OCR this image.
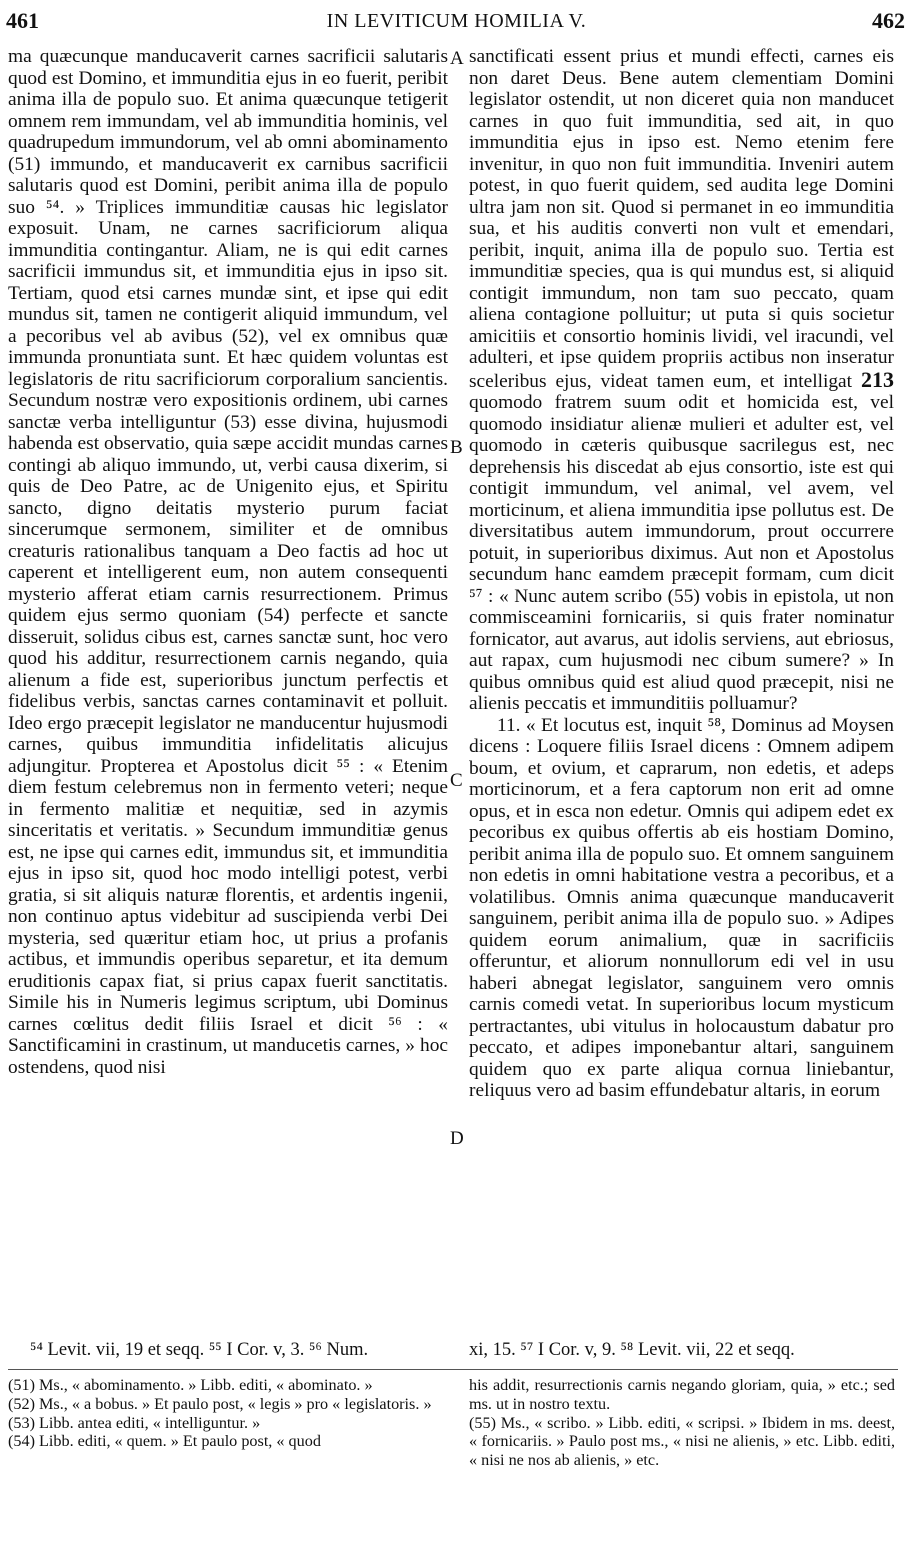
461	IN LEVITICUM HOMILIA V.	462
A
B
C
D

ma quæcunque manducaverit carnes sacrificii salutaris quod est Domino, et immunditia ejus in eo fuerit, peribit anima illa de populo suo. Et anima quæcunque tetigerit omnem rem immundam, vel ab immunditia hominis, vel quadrupedum immundorum, vel ab omni abominamento (51) immundo, et manducaverit ex carnibus sacrificii salutaris quod est Domini, peribit anima illa de populo suo ⁵⁴. » Triplices immunditiæ causas hic legislator exposuit. Unam, ne carnes sacrificiorum aliqua immunditia contingantur. Aliam, ne is qui edit carnes sacrificii immundus sit, et immunditia ejus in ipso sit. Tertiam, quod etsi carnes mundæ sint, et ipse qui edit mundus sit, tamen ne contigerit aliquid immundum, vel a pecoribus vel ab avibus (52), vel ex omnibus quæ immunda pronuntiata sunt. Et hæc quidem voluntas est legislatoris de ritu sacrificiorum corporalium sancientis. Secundum nostræ vero expositionis ordinem, ubi carnes sanctæ verba intelliguntur (53) esse divina, hujusmodi habenda est observatio, quia sæpe accidit mundas carnes contingi ab aliquo immundo, ut, verbi causa dixerim, si quis de Deo Patre, ac de Unigenito ejus, et Spiritu sancto, digno deitatis mysterio purum faciat sincerumque sermonem, similiter et de omnibus creaturis rationalibus tanquam a Deo factis ad hoc ut caperent et intelligerent eum, non autem consequenti mysterio afferat etiam carnis resurrectionem. Primus quidem ejus sermo quoniam (54) perfecte et sancte disseruit, solidus cibus est, carnes sanctæ sunt, hoc vero quod his additur, resurrectionem carnis negando, quia alienum a fide est, superioribus junctum perfectis et fidelibus verbis, sanctas carnes contaminavit et polluit. Ideo ergo præcepit legislator ne manducentur hujusmodi carnes, quibus immunditia infidelitatis alicujus adjungitur. Propterea et Apostolus dicit ⁵⁵ : « Etenim diem festum celebremus non in fermento veteri; neque in fermento malitiæ et nequitiæ, sed in azymis sinceritatis et veritatis. » Secundum immunditiæ genus est, ne ipse qui carnes edit, immundus sit, et immunditia ejus in ipso sit, quod hoc modo intelligi potest, verbi gratia, si sit aliquis naturæ florentis, et ardentis ingenii, non continuo aptus videbitur ad suscipienda verbi Dei mysteria, sed quæritur etiam hoc, ut prius a profanis actibus, et immundis operibus separetur, et ita demum eruditionis capax fiat, si prius capax fuerit sanctitatis. Simile his in Numeris legimus scriptum, ubi Dominus carnes cœlitus dedit filiis Israel et dicit ⁵⁶ : « Sanctificamini in crastinum, ut manducetis carnes, » hoc ostendens, quod nisi

sanctificati essent prius et mundi effecti, carnes eis non daret Deus. Bene autem clementiam Domini legislator ostendit, ut non diceret quia non manducet carnes in quo fuit immunditia, sed ait, in quo immunditia ejus in ipso est. Nemo etenim fere invenitur, in quo non fuit immunditia. Inveniri autem potest, in quo fuerit quidem, sed audita lege Domini ultra jam non sit. Quod si permanet in eo immunditia sua, et his auditis converti non vult et emendari, peribit, inquit, anima illa de populo suo. Tertia est immunditiæ species, qua is qui mundus est, si aliquid contigit immundum, non tam suo peccato, quam aliena contagione polluitur; ut puta si quis societur amicitiis et consortio hominis lividi, vel iracundi, vel adulteri, et ipse quidem propriis actibus non inseratur sceleribus ejus, videat tamen eum, et intelligat 213 quomodo fratrem suum odit et homicida est, vel quomodo insidiatur alienæ mulieri et adulter est, vel quomodo in cæteris quibusque sacrilegus est, nec deprehensis his discedat ab ejus consortio, iste est qui contigit immundum, vel animal, vel avem, vel morticinum, et aliena immunditia ipse pollutus est. De diversitatibus autem immundorum, prout occurrere potuit, in superioribus diximus. Aut non et Apostolus secundum hanc eamdem præcepit formam, cum dicit ⁵⁷ : « Nunc autem scribo (55) vobis in epistola, ut non commisceamini fornicariis, si quis frater nominatur fornicator, aut avarus, aut idolis serviens, aut ebriosus, aut rapax, cum hujusmodi nec cibum sumere? » In quibus omnibus quid est aliud quod præcepit, nisi ne alienis peccatis et immunditiis polluamur?

11. « Et locutus est, inquit ⁵⁸, Dominus ad Moysen dicens : Loquere filiis Israel dicens : Omnem adipem boum, et ovium, et caprarum, non edetis, et adeps morticinorum, et a fera captorum non erit ad omne opus, et in esca non edetur. Omnis qui adipem edet ex pecoribus ex quibus offertis ab eis hostiam Domino, peribit anima illa de populo suo. Et omnem sanguinem non edetis in omni habitatione vestra a pecoribus, et a volatilibus. Omnis anima quæcunque manducaverit sanguinem, peribit anima illa de populo suo. » Adipes quidem eorum animalium, quæ in sacrificiis offeruntur, et aliorum nonnullorum edi vel in usu haberi abnegat legislator, sanguinem vero omnis carnis comedi vetat. In superioribus locum mysticum pertractantes, ubi vitulus in holocaustum dabatur pro peccato, et adipes imponebantur altari, sanguinem quidem quo ex parte aliqua cornua liniebantur, reliquus vero ad basim effundebatur altaris, in eorum

⁵⁴ Levit. vii, 19 et seqq. ⁵⁵ I Cor. v, 3. ⁵⁶ Num.	xi, 15. ⁵⁷ I Cor. v, 9. ⁵⁸ Levit. vii, 22 et seqq.

(51) Ms., « abominamento. » Libb. editi, « abominato. »

(52) Ms., « a bobus. » Et paulo post, « legis » pro « legislatoris. »

(53) Libb. antea editi, « intelliguntur. »

(54) Libb. editi, « quem. » Et paulo post, « quod

his addit, resurrectionis carnis negando gloriam, quia, » etc.; sed ms. ut in nostro textu.

(55) Ms., « scribo. » Libb. editi, « scripsi. » Ibidem in ms. deest, « fornicariis. » Paulo post ms., « nisi ne alienis, » etc. Libb. editi, « nisi ne nos ab alienis, » etc.
